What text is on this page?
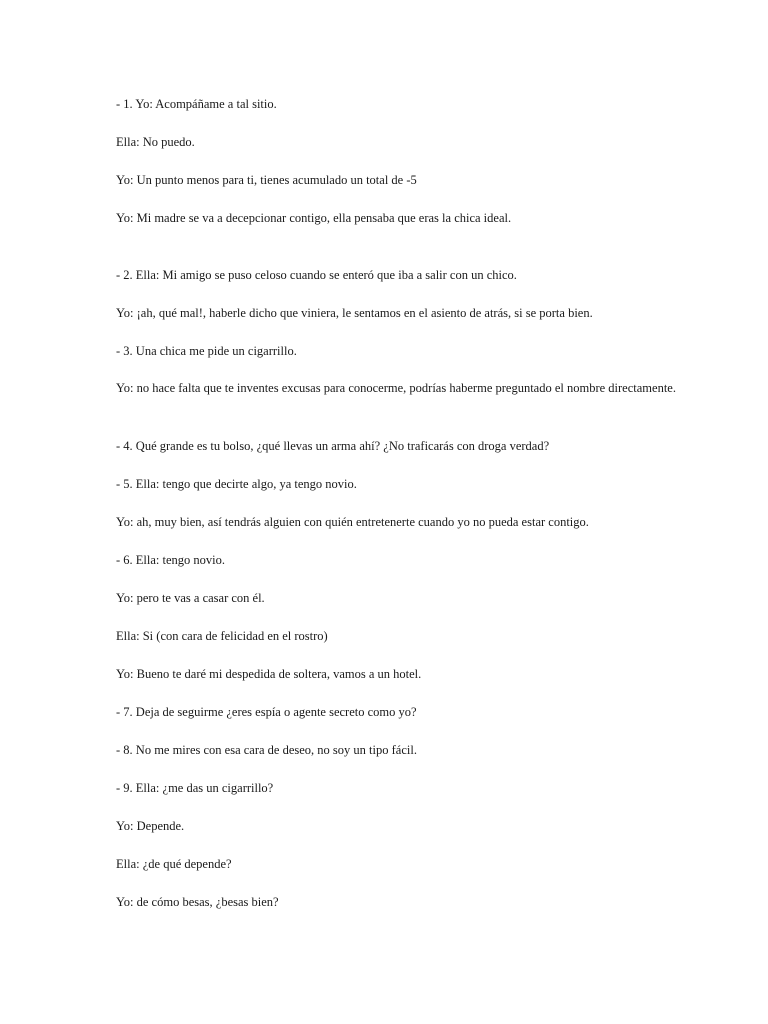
- 1. Yo: Acompáñame a tal sitio.

Ella: No puedo.

Yo: Un punto menos para ti, tienes acumulado un total de -5

Yo: Mi madre se va a decepcionar contigo, ella pensaba que eras la chica ideal.

- 2. Ella: Mi amigo se puso celoso cuando se enteró que iba a salir con un chico.

Yo: ¡ah, qué mal!, haberle dicho que viniera, le sentamos en el asiento de atrás, si se porta bien.

- 3. Una chica me pide un cigarrillo.

Yo: no hace falta que te inventes excusas para conocerme, podrías haberme preguntado el nombre directamente.

- 4. Qué grande es tu bolso, ¿qué llevas un arma ahí? ¿No traficarás con droga verdad?

- 5. Ella: tengo que decirte algo, ya tengo novio.

Yo: ah, muy bien, así tendrás alguien con quién entretenerte cuando yo no pueda estar contigo.

- 6. Ella: tengo novio.

Yo: pero te vas a casar con él.

Ella: Si (con cara de felicidad en el rostro)

Yo: Bueno te daré mi despedida de soltera, vamos a un hotel.

- 7. Deja de seguirme ¿eres espía o agente secreto como yo?

- 8. No me mires con esa cara de deseo, no soy un tipo fácil.

- 9. Ella: ¿me das un cigarrillo?

Yo: Depende.

Ella: ¿de qué depende?

Yo: de cómo besas, ¿besas bien?
